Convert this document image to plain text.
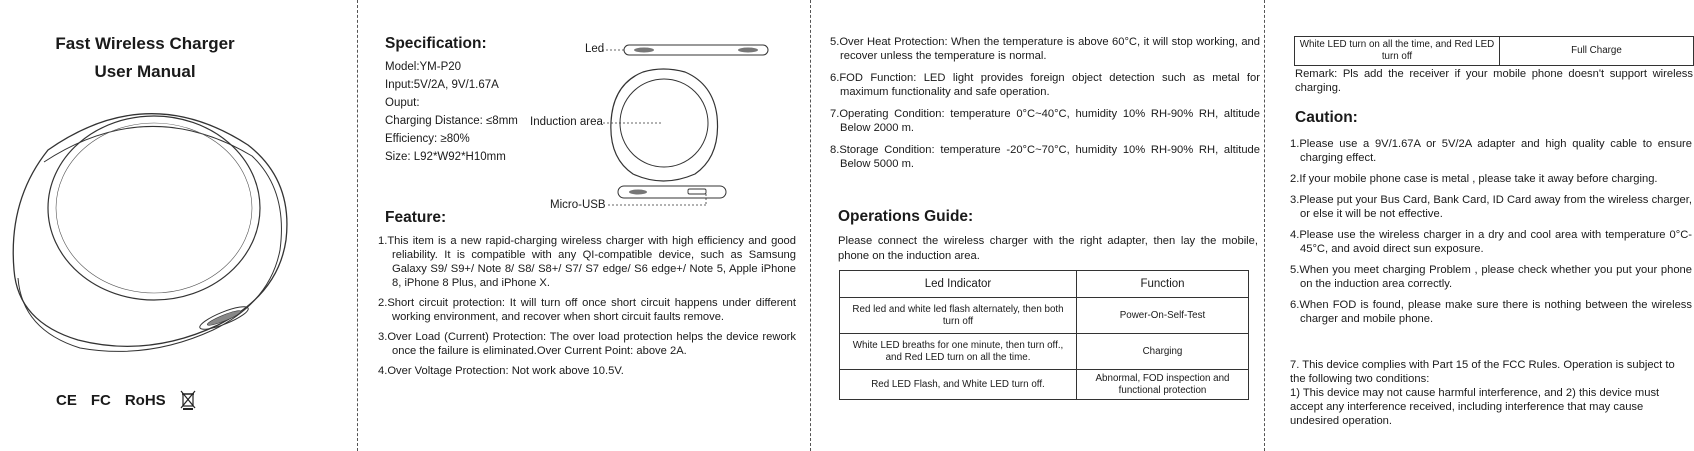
Fast Wireless Charger
User Manual
CE FC RoHS
Specification:
Model:YM-P20
Input:5V/2A, 9V/1.67A
Ouput:
Charging Distance: ≤8mm
Efficiency: ≥80%
Size: L92*W92*H10mm
Led
Induction area
Micro-USB
Feature:
1.This item is a new rapid-charging wireless charger with high efficiency and good reliability. It is compatible with any QI-compatible device, such as Samsung Galaxy S9/ S9+/ Note 8/ S8/ S8+/ S7/ S7 edge/ S6 edge+/ Note 5, Apple iPhone 8, iPhone 8 Plus, and iPhone X.
2.Short circuit protection: It will turn off once short circuit happens under different working environment, and recover when short circuit faults remove.
3.Over Load (Current) Protection: The over load protection helps the device rework once the failure is eliminated.Over Current Point: above 2A.
4.Over Voltage Protection: Not work above 10.5V.
5.Over Heat Protection: When the temperature is above 60°C, it will stop working, and recover unless the temperature is normal.
6.FOD Function: LED light provides foreign object detection such as metal for maximum functionality and safe operation.
7.Operating Condition: temperature 0°C~40°C, humidity 10% RH-90% RH, altitude Below 2000 m.
8.Storage Condition: temperature -20°C~70°C, humidity 10% RH-90% RH, altitude Below 5000 m.
Operations Guide:
Please connect the wireless charger with the right adapter, then lay the mobile, phone on the induction area.
Led Indicator	Function
Red led and white led flash alternately, then both turn off	Power-On-Self-Test
White LED breaths for one minute, then turn off., and Red LED turn on all the time.	Charging
Red LED Flash, and White LED turn off.	Abnormal, FOD inspection and functional protection
White LED turn on all the time, and Red LED turn off	Full Charge
Remark: Pls add the receiver if your mobile phone doesn't support wireless charging.
Caution:
1.Please use a 9V/1.67A or 5V/2A adapter and high quality cable to ensure charging effect.
2.If your mobile phone case is metal , please take it away before charging.
3.Please put your Bus Card, Bank Card, ID Card away from the wireless charger, or else it will be not effective.
4.Please use the wireless charger in a dry and cool area with temperature 0°C-45°C, and avoid direct sun exposure.
5.When you meet charging Problem , please check whether you put your phone on the induction area correctly.
6.When FOD is found, please make sure there is nothing between the wireless charger and mobile phone.
7. This device complies with Part 15 of the FCC Rules. Operation is subject to the following two conditions:
1) This device may not cause harmful interference, and 2) this device must accept any interference received, including interference that may cause undesired operation.
